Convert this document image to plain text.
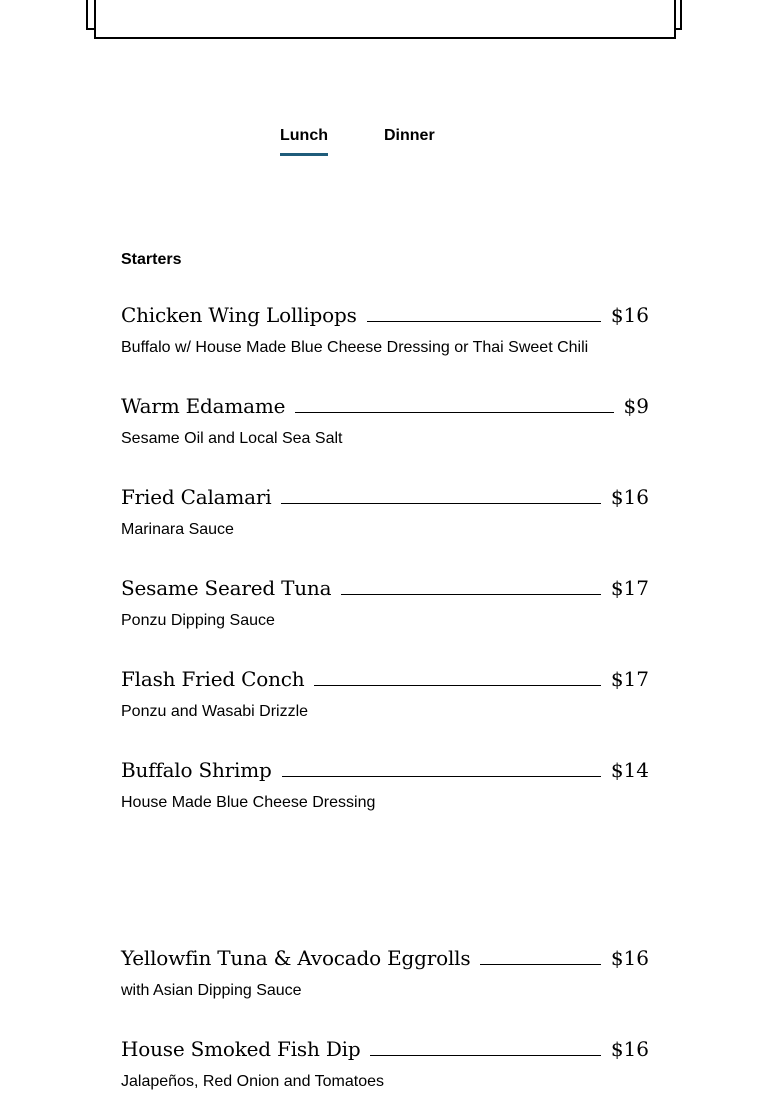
Lunch	Dinner
Starters
Chicken Wing Lollipops	$16
Buffalo w/ House Made Blue Cheese Dressing or Thai Sweet Chili
Warm Edamame	$9
Sesame Oil and Local Sea Salt
Fried Calamari	$16
Marinara Sauce
Sesame Seared Tuna	$17
Ponzu Dipping Sauce
Flash Fried Conch	$17
Ponzu and Wasabi Drizzle
Buffalo Shrimp	$14
House Made Blue Cheese Dressing
Yellowfin Tuna & Avocado Eggrolls	$16
with Asian Dipping Sauce
House Smoked Fish Dip	$16
Jalapeños, Red Onion and Tomatoes
